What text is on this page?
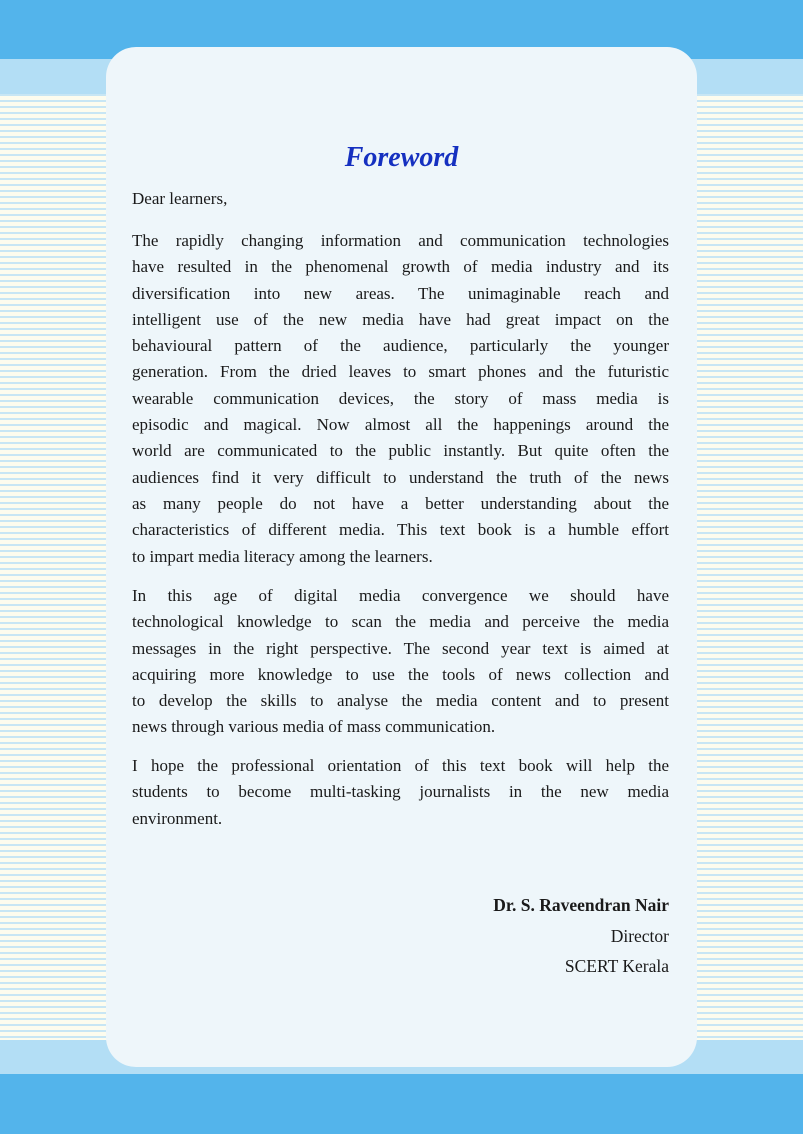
Foreword
Dear learners,
The rapidly changing information and communication technologies
have resulted in the phenomenal growth of media industry and its
diversification into new areas. The unimaginable reach and
intelligent use of the new media have had great impact on the
behavioural pattern of the audience, particularly the younger
generation. From the dried leaves to smart phones and the futuristic
wearable communication devices, the story of mass media is
episodic and magical. Now almost all the happenings around the
world are communicated to the public instantly. But quite often the
audiences find it very difficult to understand the truth of the news
as many people do not have a better understanding about the
characteristics of different media. This text book is a humble effort
to impart media literacy among the learners.
In this age of digital media convergence we should have
technological knowledge to scan the media and perceive the media
messages in the right perspective. The second year text is aimed at
acquiring more knowledge to use the tools of news collection and
to develop the skills to analyse the media content and to present
news through various media of mass communication.
I hope the professional orientation of this text book will help the
students to become multi-tasking journalists in the new media
environment.
Dr. S. Raveendran Nair
Director
SCERT Kerala
